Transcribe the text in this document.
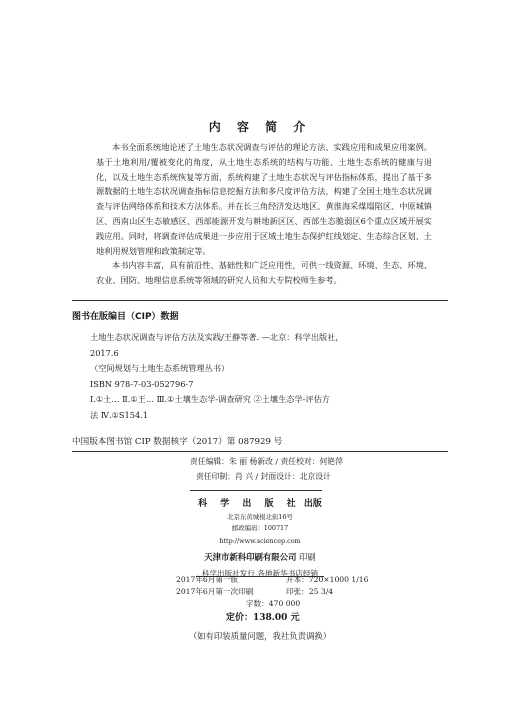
内 容 简 介

本书全面系统地论述了土地生态状况调查与评估的理论方法、实践应用和成果应用案例。基于土地利用/覆被变化的角度，从土地生态系统的结构与功能、土地生态系统的健康与退化，以及土地生态系统恢复等方面，系统构建了土地生态状况与评估指标体系，提出了基于多源数据的土地生态状况调查指标信息挖掘方法和多尺度评估方法，构建了全国土地生态状况调查与评估网络体系和技术方法体系。并在长三角经济发达地区、黄淮海采煤塌陷区、中原城镇区、西南山区生态敏感区、西部能源开发与耕地新区区、西部生态脆弱区6个重点区域开展实践应用。同时，将调查评估成果进一步应用于区域土地生态保护红线划定、生态综合区划、土地利用规划管理和政策制定等。

本书内容丰富，具有前沿性、基础性和广泛应用性，可供一线资源、环境、生态、环境、农业、国防、地理信息系统等领域的研究人员和大专院校师生参考。

图书在版编目（CIP）数据
土地生态状况调查与评估方法及实践/王静等著. —北京：科学出版社，
2017.6
（空间规划与土地生态系统管理丛书）
ISBN 978-7-03-052796-7
Ⅰ.①土… Ⅱ.①王… Ⅲ.①土壤生态学-调查研究 ②土壤生态学-评估方
法 Ⅳ.①S154.1
中国版本图书馆 CIP 数据核字（2017）第 087929 号
责任编辑：朱 丽 杨新改 / 责任校对：何艳萍
责任印制：肖 兴 / 封面设计：北京设计
科 学 出 版 社 出版
北京东黄城根北街16号
邮政编码：100717
http://www.sciencep.com
天津市新科印刷有限公司 印刷
科学出版社发行 各地新华书店经销
2017年6月第一版	开本：720×1000 1/16
2017年6月第一次印刷	印张：25 3/4
字数：470 000
定价：138.00 元
（如有印装质量问题，我社负责调换）
